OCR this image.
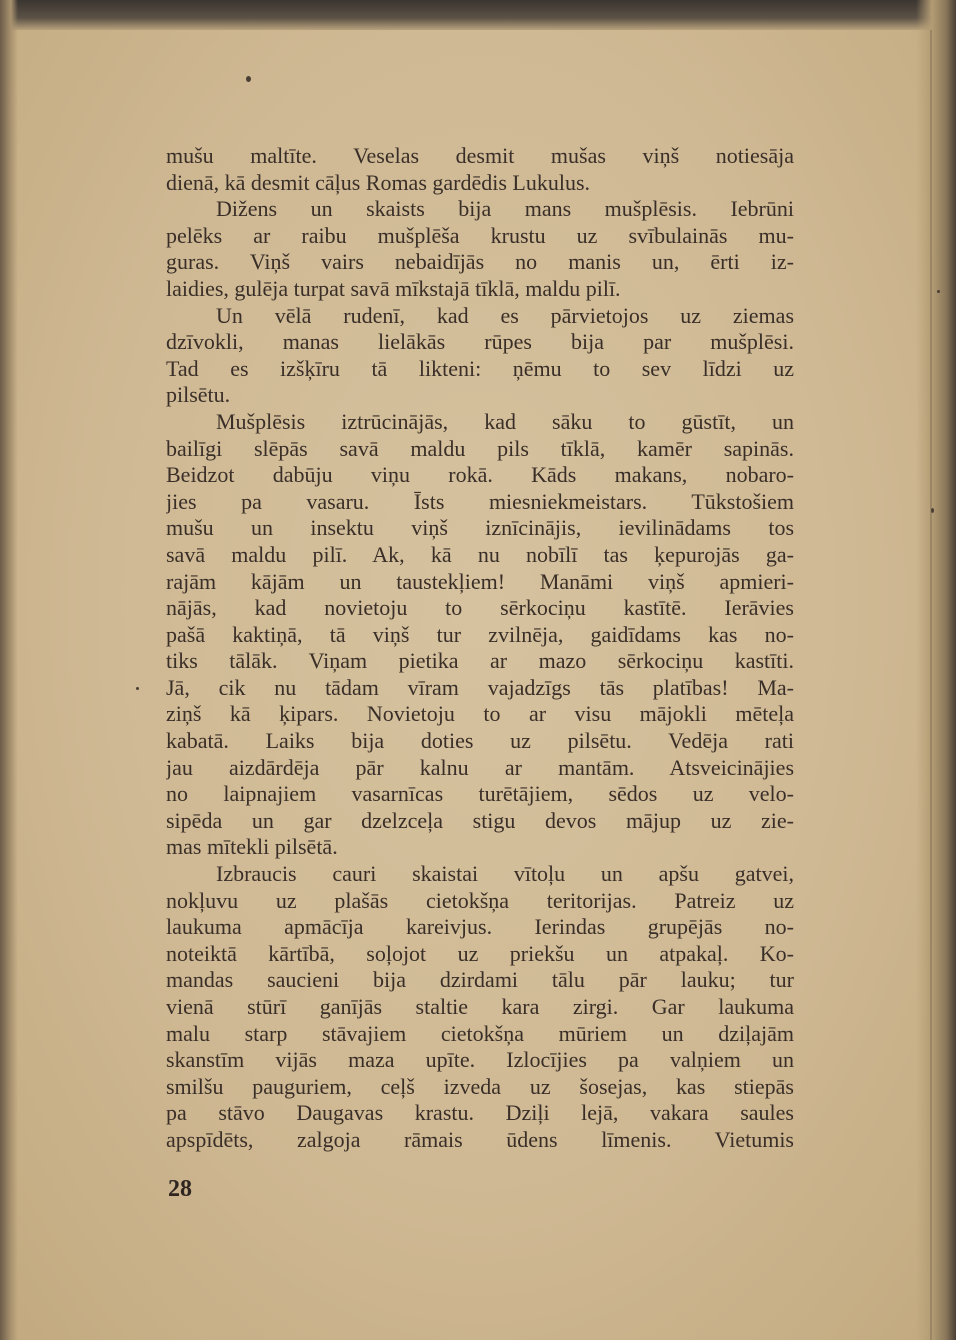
mušu maltīte. Veselas desmit mušas viņš notiesāja
dienā, kā desmit cāļus Romas gardēdis Lukulus.
Dižens un skaists bija mans mušplēsis. Iebrūni
pelēks ar raibu mušplēša krustu uz svībulainās mu-
guras. Viņš vairs nebaidījās no manis un, ērti iz-
laidies, gulēja turpat savā mīkstajā tīklā, maldu pilī.
Un vēlā rudenī, kad es pārvietojos uz ziemas
dzīvokli, manas lielākās rūpes bija par mušplēsi.
Tad es izšķīru tā likteni: ņēmu to sev līdzi uz
pilsētu.
Mušplēsis iztrūcinājās, kad sāku to gūstīt, un
bailīgi slēpās savā maldu pils tīklā, kamēr sapinās.
Beidzot dabūju viņu rokā. Kāds makans, nobaro-
jies pa vasaru. Īsts miesniekmeistars. Tūkstošiem
mušu un insektu viņš iznīcinājis, ievilinādams tos
savā maldu pilī. Ak, kā nu nobīlī tas ķepurojās ga-
rajām kājām un taustekļiem! Manāmi viņš apmieri-
nājās, kad novietoju to sērkociņu kastītē. Ierāvies
pašā kaktiņā, tā viņš tur zvilnēja, gaidīdams kas no-
tiks tālāk. Viņam pietika ar mazo sērkociņu kastīti.
Jā, cik nu tādam vīram vajadzīgs tās platības! Ma-
ziņš kā ķipars. Novietoju to ar visu mājokli mēteļa
kabatā. Laiks bija doties uz pilsētu. Vedēja rati
jau aizdārdēja pār kalnu ar mantām. Atsveicinājies
no laipnajiem vasarnīcas turētājiem, sēdos uz velo-
sipēda un gar dzelzceļa stigu devos mājup uz zie-
mas mītekli pilsētā.
Izbraucis cauri skaistai vītoļu un apšu gatvei,
nokļuvu uz plašās cietokšņa teritorijas. Patreiz uz
laukuma apmācīja kareivjus. Ierindas grupējās no-
noteiktā kārtībā, soļojot uz priekšu un atpakaļ. Ko-
mandas saucieni bija dzirdami tālu pār lauku; tur
vienā stūrī ganījās staltie kara zirgi. Gar laukuma
malu starp stāvajiem cietokšņa mūriem un dziļajām
skanstīm vijās maza upīte. Izlocījies pa valņiem un
smilšu pauguriem, ceļš izveda uz šosejas, kas stiepās
pa stāvo Daugavas krastu. Dziļi lejā, vakara saules
apspīdēts, zalgoja rāmais ūdens līmenis. Vietumis
28
